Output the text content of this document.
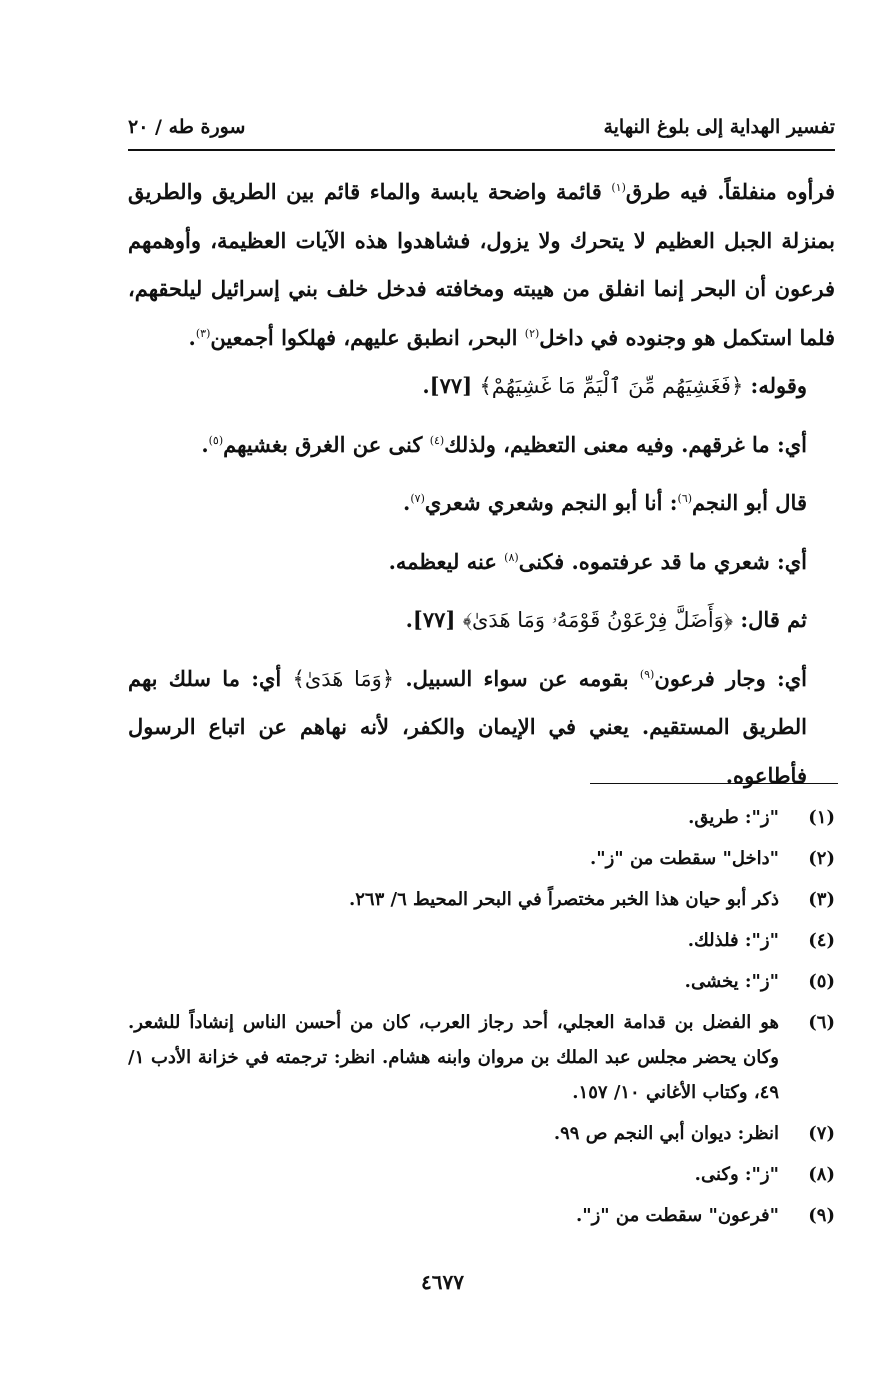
تفسير الهداية إلى بلوغ النهاية
سورة طه / ٢٠

فرأوه منفلقاً. فيه طرق$^{(١)}$ قائمة واضحة يابسة والماء قائم بين الطريق والطريق بمنزلة الجبل العظيم لا يتحرك ولا يزول، فشاهدوا هذه الآيات العظيمة، وأوهمهم فرعون أن البحر إنما انفلق من هيبته ومخافته فدخل خلف بني إسرائيل ليلحقهم، فلما استكمل هو وجنوده في داخل$^{(٢)}$ البحر، انطبق عليهم، فهلكوا أجمعين$^{(٣)}$.

وقوله: ﴿فَغَشِيَهُم مِّنَ ٱلْيَمِّ مَا غَشِيَهُمْ﴾ [٧٧].

أي: ما غرقهم. وفيه معنى التعظيم، ولذلك$^{(٤)}$ كنى عن الغرق بغشيهم$^{(٥)}$.

قال أبو النجم$^{(٦)}$: أنا أبو النجم وشعري شعري$^{(٧)}$.

أي: شعري ما قد عرفتموه. فكنى$^{(٨)}$ عنه ليعظمه.

ثم قال: ﴿وَأَضَلَّ فِرْعَوْنُ قَوْمَهُۥ وَمَا هَدَىٰ﴾ [٧٧].

أي: وجار فرعون$^{(٩)}$ بقومه عن سواء السبيل. ﴿وَمَا هَدَىٰ﴾ أي: ما سلك بهم الطريق المستقيم. يعني في الإيمان والكفر، لأنه نهاهم عن اتباع الرسول فأطاعوه.

(١)
"ز": طريق.
(٢)
"داخل" سقطت من "ز".
(٣)
ذكر أبو حيان هذا الخبر مختصراً في البحر المحيط ٦/ ٢٦٣.
(٤)
"ز": فلذلك.
(٥)
"ز": يخشى.
(٦)
هو الفضل بن قدامة العجلي، أحد رجاز العرب، كان من أحسن الناس إنشاداً للشعر. وكان يحضر مجلس عبد الملك بن مروان وابنه هشام. انظر: ترجمته في خزانة الأدب ١/ ٤٩، وكتاب الأغاني ١٠/ ١٥٧.
(٧)
انظر: ديوان أبي النجم ص ٩٩.
(٨)
"ز": وكنى.
(٩)
"فرعون" سقطت من "ز".
٤٦٧٧
